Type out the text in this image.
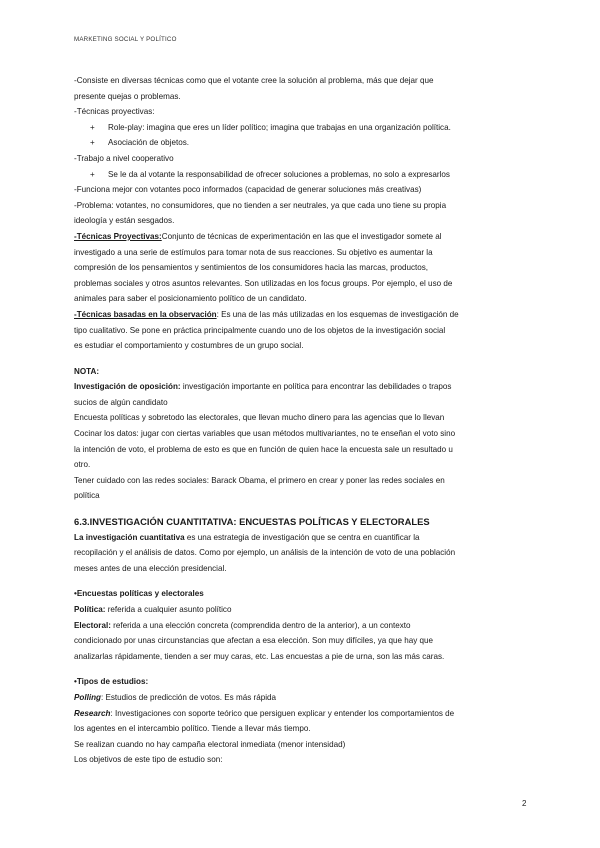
MARKETING SOCIAL Y POLÍTICO

-Consiste en diversas técnicas como que el votante cree la solución al problema, más que dejar que

presente quejas o problemas.

-Técnicas proyectivas:

+ Role-play: imagina que eres un líder político; imagina que trabajas en una organización política.

+ Asociación de objetos.

-Trabajo a nivel cooperativo

+ Se le da al votante la responsabilidad de ofrecer soluciones a problemas, no solo a expresarlos

-Funciona mejor con votantes poco informados (capacidad de generar soluciones más creativas)

-Problema: votantes, no consumidores, que no tienden a ser neutrales, ya que cada uno tiene su propia

ideología y están sesgados.

-Técnicas Proyectivas:Conjunto de técnicas de experimentación en las que el investigador somete al

investigado a una serie de estímulos para tomar nota de sus reacciones. Su objetivo es aumentar la

compresión de los pensamientos y sentimientos de los consumidores hacia las marcas, productos,

problemas sociales y otros asuntos relevantes. Son utilizadas en los focus groups. Por ejemplo, el uso de

animales para saber el posicionamiento político de un candidato.

-Técnicas basadas en la observación: Es una de las más utilizadas en los esquemas de investigación de

tipo cualitativo. Se pone en práctica principalmente cuando uno de los objetos de la investigación social

es estudiar el comportamiento y costumbres de un grupo social.

NOTA:

Investigación de oposición: investigación importante en política para encontrar las debilidades o trapos

sucios de algún candidato

Encuesta políticas y sobretodo las electorales, que llevan mucho dinero para las agencias que lo llevan

Cocinar los datos: jugar con ciertas variables que usan métodos multivariantes, no te enseñan el voto sino

la intención de voto, el problema de esto es que en función de quien hace la encuesta sale un resultado u

otro.

Tener cuidado con las redes sociales: Barack Obama, el primero en crear y poner las redes sociales en

política

6.3.INVESTIGACIÓN CUANTITATIVA: ENCUESTAS POLÍTICAS Y ELECTORALES

La investigación cuantitativa es una estrategia de investigación que se centra en cuantificar la

recopilación y el análisis de datos. Como por ejemplo, un análisis de la intención de voto de una población

meses antes de una elección presidencial.

•Encuestas políticas y electorales

Política: referida a cualquier asunto político

Electoral: referida a una elección concreta (comprendida dentro de la anterior), a un contexto

condicionado por unas circunstancias que afectan a esa elección. Son muy difíciles, ya que hay que

analizarlas rápidamente, tienden a ser muy caras, etc. Las encuestas a pie de urna, son las más caras.

•Tipos de estudios:

Polling: Estudios de predicción de votos. Es más rápida

Research: Investigaciones con soporte teórico que persiguen explicar y entender los comportamientos de

los agentes en el intercambio político. Tiende a llevar más tiempo.

Se realizan cuando no hay campaña electoral inmediata (menor intensidad)

Los objetivos de este tipo de estudio son:

2
